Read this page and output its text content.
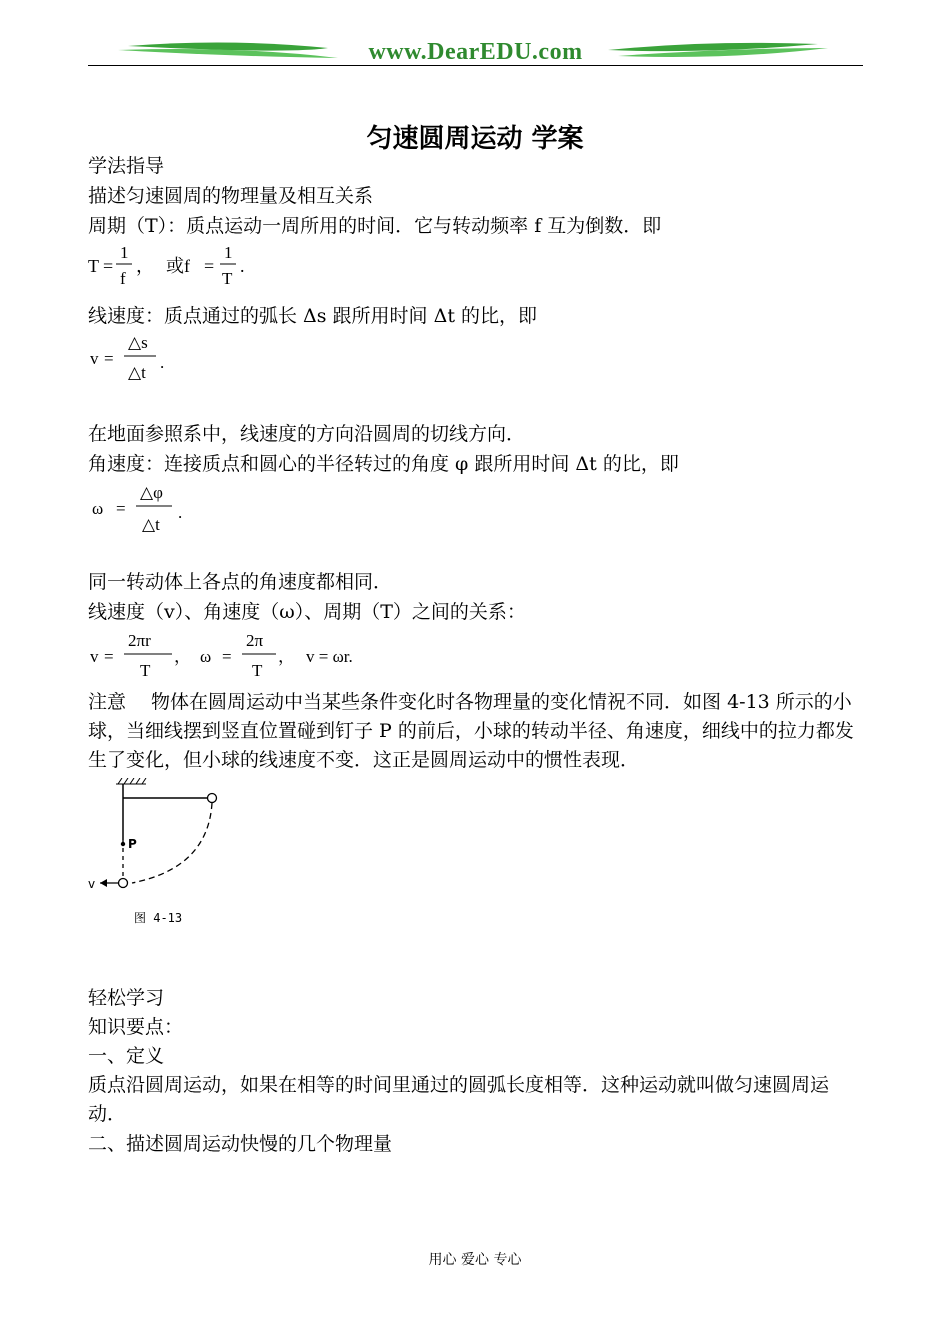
www.DearEDU.com
匀速圆周运动 学案
学法指导
描述匀速圆周的物理量及相互关系
周期（T）：质点运动一周所用的时间．它与转动频率 f 互为倒数．即
T =
1
f
， 或f =
1
T
.
线速度：质点通过的弧长 Δs 跟所用时间 Δt 的比，即
v =
△s
△t
.
在地面参照系中，线速度的方向沿圆周的切线方向．
角速度：连接质点和圆心的半径转过的角度 φ 跟所用时间 Δt 的比，即
ω =
△φ
△t
.
同一转动体上各点的角速度都相同．
线速度（v）、角速度（ω）、周期（T）之间的关系：
v =
2πr
T
， ω =
2π
T
， v = ωr.
注意　 物体在圆周运动中当某些条件变化时各物理量的变化情祝不同．如图 4-13 所示的小球，当细线摆到竖直位置碰到钉子 P 的前后，小球的转动半径、角速度，细线中的拉力都发生了变化，但小球的线速度不变．这正是圆周运动中的惯性表现．
P
v
图 4-13
轻松学习
知识要点：
一、定义
质点沿圆周运动，如果在相等的时间里通过的圆弧长度相等．这种运动就叫做匀速圆周运动．
二、描述圆周运动快慢的几个物理量
用心 爱心 专心
